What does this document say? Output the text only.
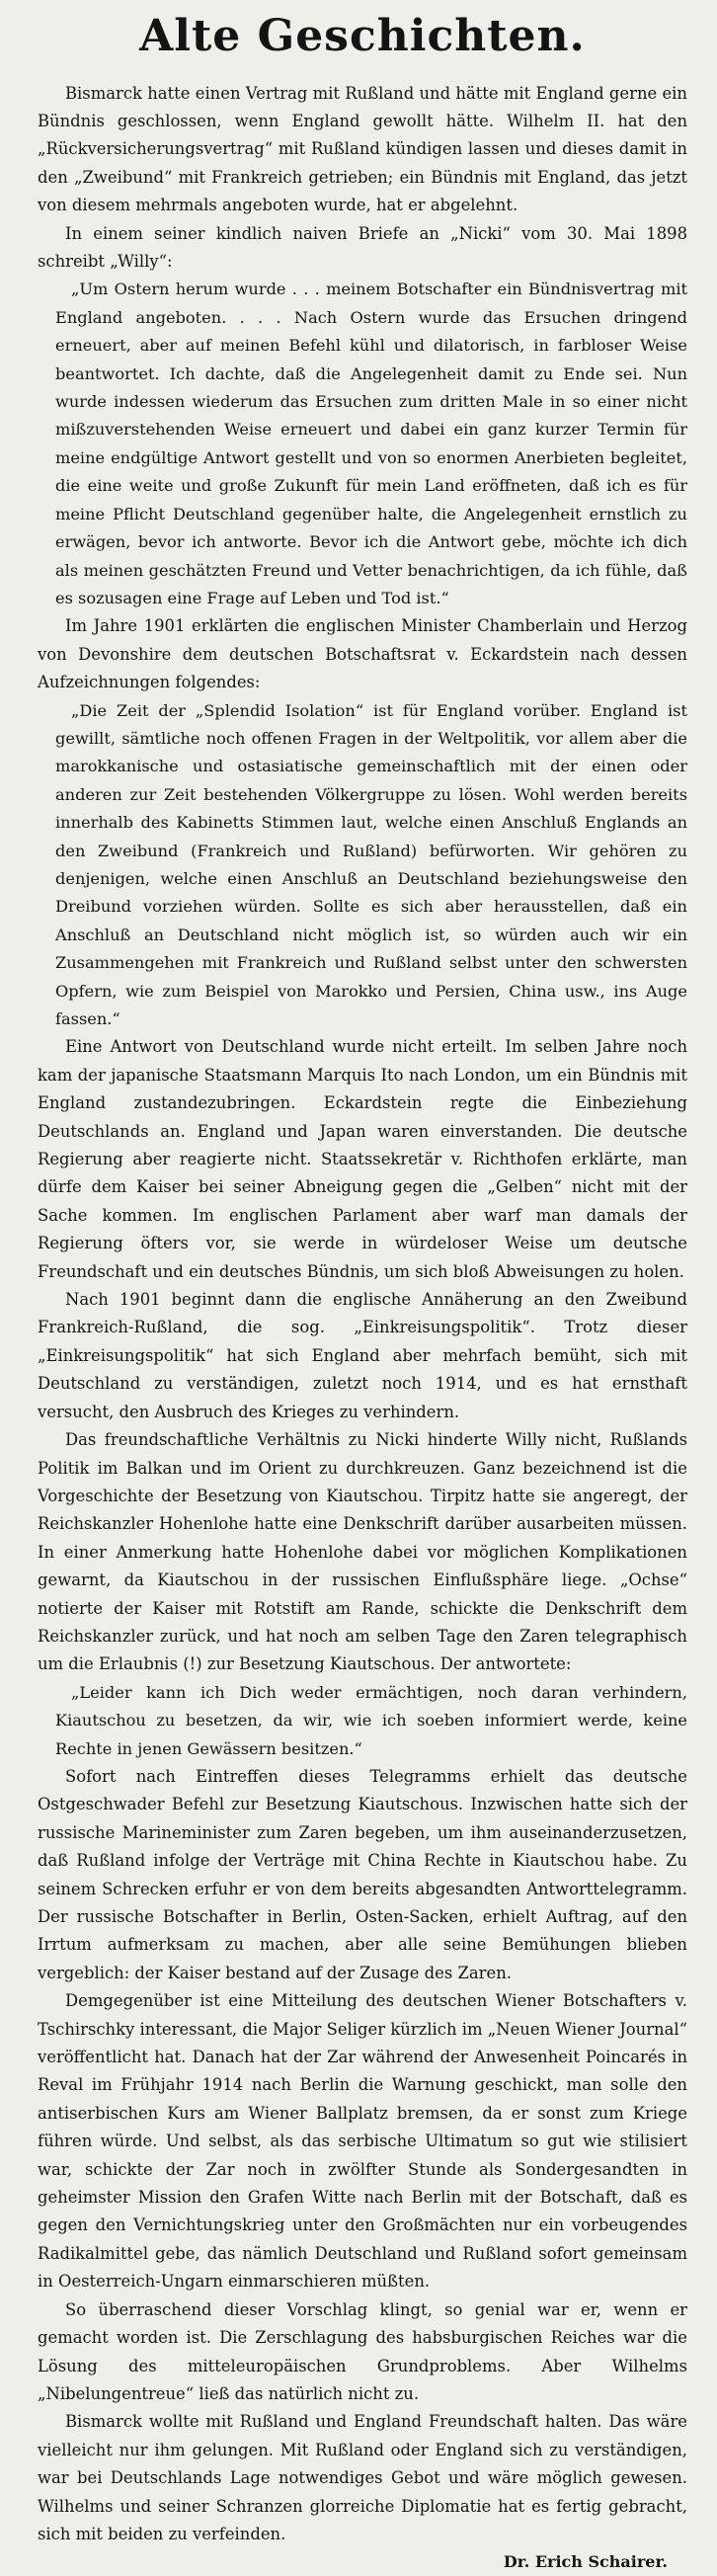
Alte Geschichten.

Bismarck hatte einen Vertrag mit Rußland und hätte mit England gerne ein Bündnis geschlossen, wenn England gewollt hätte. Wilhelm II. hat den „Rückversicherungsvertrag“ mit Rußland kündigen lassen und dieses damit in den „Zweibund“ mit Frankreich getrieben; ein Bündnis mit England, das jetzt von diesem mehrmals angeboten wurde, hat er abgelehnt.

In einem seiner kindlich naiven Briefe an „Nicki“ vom 30. Mai 1898 schreibt „Willy“:

„Um Ostern herum wurde . . . meinem Botschafter ein Bündnisvertrag mit England angeboten. . . . Nach Ostern wurde das Ersuchen dringend erneuert, aber auf meinen Befehl kühl und dilatorisch, in farbloser Weise beantwortet. Ich dachte, daß die Angelegenheit damit zu Ende sei. Nun wurde indessen wiederum das Ersuchen zum dritten Male in so einer nicht mißzuverstehenden Weise erneuert und dabei ein ganz kurzer Termin für meine endgültige Antwort gestellt und von so enormen Anerbieten begleitet, die eine weite und große Zukunft für mein Land eröffneten, daß ich es für meine Pflicht Deutschland gegenüber halte, die Angelegenheit ernstlich zu erwägen, bevor ich antworte. Bevor ich die Antwort gebe, möchte ich dich als meinen geschätzten Freund und Vetter benachrichtigen, da ich fühle, daß es sozusagen eine Frage auf Leben und Tod ist.“

Im Jahre 1901 erklärten die englischen Minister Chamberlain und Herzog von Devonshire dem deutschen Botschaftsrat v. Eckardstein nach dessen Aufzeichnungen folgendes:

„Die Zeit der „Splendid Isolation“ ist für England vorüber. England ist gewillt, sämtliche noch offenen Fragen in der Weltpolitik, vor allem aber die marokkanische und ostasiatische gemeinschaftlich mit der einen oder anderen zur Zeit bestehenden Völkergruppe zu lösen. Wohl werden bereits innerhalb des Kabinetts Stimmen laut, welche einen Anschluß Englands an den Zweibund (Frankreich und Rußland) befürworten. Wir gehören zu denjenigen, welche einen Anschluß an Deutschland beziehungsweise den Dreibund vorziehen würden. Sollte es sich aber herausstellen, daß ein Anschluß an Deutschland nicht möglich ist, so würden auch wir ein Zusammengehen mit Frankreich und Rußland selbst unter den schwersten Opfern, wie zum Beispiel von Marokko und Persien, China usw., ins Auge fassen.“

Eine Antwort von Deutschland wurde nicht erteilt. Im selben Jahre noch kam der japanische Staatsmann Marquis Ito nach London, um ein Bündnis mit England zustandezubringen. Eckardstein regte die Einbeziehung Deutschlands an. England und Japan waren einverstanden. Die deutsche Regierung aber reagierte nicht. Staatssekretär v. Richthofen erklärte, man dürfe dem Kaiser bei seiner Abneigung gegen die „Gelben“ nicht mit der Sache kommen. Im englischen Parlament aber warf man damals der Regierung öfters vor, sie werde in würdeloser Weise um deutsche Freundschaft und ein deutsches Bündnis, um sich bloß Abweisungen zu holen.

Nach 1901 beginnt dann die englische Annäherung an den Zweibund Frankreich-Rußland, die sog. „Einkreisungspolitik“. Trotz dieser „Einkreisungspolitik“ hat sich England aber mehrfach bemüht, sich mit Deutschland zu verständigen, zuletzt noch 1914, und es hat ernsthaft versucht, den Ausbruch des Krieges zu verhindern.

Das freundschaftliche Verhältnis zu Nicki hinderte Willy nicht, Rußlands Politik im Balkan und im Orient zu durchkreuzen. Ganz bezeichnend ist die Vorgeschichte der Besetzung von Kiautschou. Tirpitz hatte sie angeregt, der Reichskanzler Hohenlohe hatte eine Denkschrift darüber ausarbeiten müssen. In einer Anmerkung hatte Hohenlohe dabei vor möglichen Komplikationen gewarnt, da Kiautschou in der russischen Einflußsphäre liege. „Ochse“ notierte der Kaiser mit Rotstift am Rande, schickte die Denkschrift dem Reichskanzler zurück, und hat noch am selben Tage den Zaren telegraphisch um die Erlaubnis (!) zur Besetzung Kiautschous. Der antwortete:

„Leider kann ich Dich weder ermächtigen, noch daran verhindern, Kiautschou zu besetzen, da wir, wie ich soeben informiert werde, keine Rechte in jenen Gewässern besitzen.“

Sofort nach Eintreffen dieses Telegramms erhielt das deutsche Ostgeschwader Befehl zur Besetzung Kiautschous. Inzwischen hatte sich der russische Marineminister zum Zaren begeben, um ihm auseinanderzusetzen, daß Rußland infolge der Verträge mit China Rechte in Kiautschou habe. Zu seinem Schrecken erfuhr er von dem bereits abgesandten Antworttelegramm. Der russische Botschafter in Berlin, Osten-Sacken, erhielt Auftrag, auf den Irrtum aufmerksam zu machen, aber alle seine Bemühungen blieben vergeblich: der Kaiser bestand auf der Zusage des Zaren.

Demgegenüber ist eine Mitteilung des deutschen Wiener Botschafters v. Tschirschky interessant, die Major Seliger kürzlich im „Neuen Wiener Journal“ veröffentlicht hat. Danach hat der Zar während der Anwesenheit Poincarés in Reval im Frühjahr 1914 nach Berlin die Warnung geschickt, man solle den antiserbischen Kurs am Wiener Ballplatz bremsen, da er sonst zum Kriege führen würde. Und selbst, als das serbische Ultimatum so gut wie stilisiert war, schickte der Zar noch in zwölfter Stunde als Sondergesandten in geheimster Mission den Grafen Witte nach Berlin mit der Botschaft, daß es gegen den Vernichtungskrieg unter den Großmächten nur ein vorbeugendes Radikalmittel gebe, das nämlich Deutschland und Rußland sofort gemeinsam in Oesterreich-Ungarn einmarschieren müßten.

So überraschend dieser Vorschlag klingt, so genial war er, wenn er gemacht worden ist. Die Zerschlagung des habsburgischen Reiches war die Lösung des mitteleuropäischen Grundproblems. Aber Wilhelms „Nibelungentreue“ ließ das natürlich nicht zu.

Bismarck wollte mit Rußland und England Freundschaft halten. Das wäre vielleicht nur ihm gelungen. Mit Rußland oder England sich zu verständigen, war bei Deutschlands Lage notwendiges Gebot und wäre möglich gewesen. Wilhelms und seiner Schranzen glorreiche Diplomatie hat es fertig gebracht, sich mit beiden zu verfeinden.

Dr. Erich Schairer.
